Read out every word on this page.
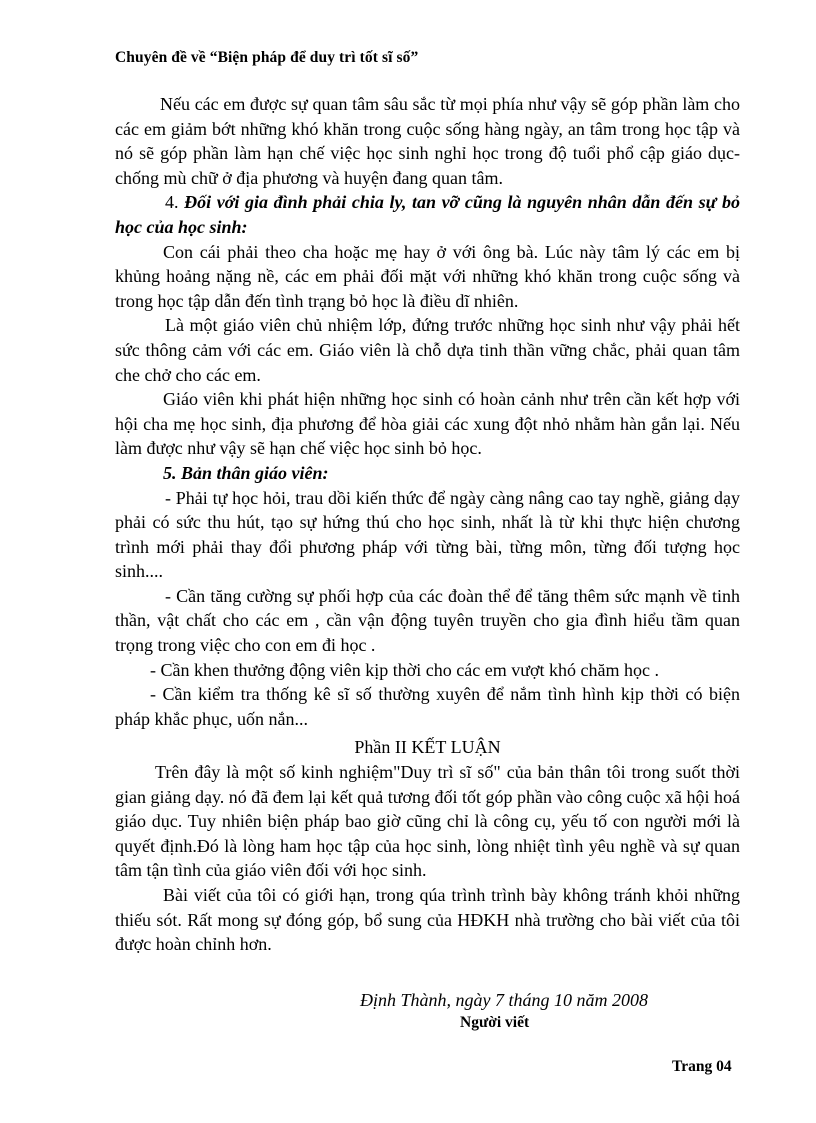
Chuyên đề về “Biện pháp để duy trì tốt sĩ số”

Nếu các em được sự quan tâm sâu sắc từ mọi phía như vậy sẽ góp phần làm cho các em giảm bớt những khó khăn trong cuộc sống hàng ngày, an tâm trong học tập và nó sẽ góp phần làm hạn chế việc học sinh nghỉ học trong độ tuổi phổ cập giáo dục-chống mù chữ ở địa phương và huyện đang quan tâm.

4. Đối với gia đình phải chia ly, tan vỡ cũng là nguyên nhân dẫn đến sự bỏ học của học sinh:

Con cái phải theo cha hoặc mẹ hay ở với ông bà. Lúc này tâm lý các em bị khủng hoảng nặng nề, các em phải đối mặt với những khó khăn trong cuộc sống và trong học tập dẫn đến tình trạng bỏ học là điều dĩ nhiên.

Là một giáo viên chủ nhiệm lớp, đứng trước những học sinh như vậy phải hết sức thông cảm với các em. Giáo viên là chỗ dựa tinh thần vững chắc, phải quan tâm che chở cho các em.

Giáo viên khi phát hiện những học sinh có hoàn cảnh như trên cần kết hợp với hội cha mẹ học sinh, địa phương để hòa giải các xung đột nhỏ nhằm hàn gắn lại. Nếu làm được như vậy sẽ hạn chế việc học sinh bỏ học.

5. Bản thân giáo viên:

- Phải tự học hỏi, trau dồi kiến thức để ngày càng nâng cao tay nghề, giảng dạy phải có sức thu hút, tạo sự hứng thú cho học sinh, nhất là từ khi thực hiện chương trình mới phải thay đổi phương pháp với từng bài, từng môn, từng đối tượng học sinh....

- Cần tăng cường sự phối hợp của các đoàn thể để tăng thêm sức mạnh về tinh thần, vật chất cho các em , cần vận động tuyên truyền cho gia đình hiểu tầm quan trọng trong việc cho con em đi học .

- Cần khen thưởng động viên kịp thời cho các em vượt khó chăm học .

- Cần kiểm tra thống kê sĩ số thường xuyên để nắm tình hình kịp thời có biện pháp khắc phục, uốn nắn...

Phần II KẾT LUẬN

Trên đây là một số kinh nghiệm"Duy trì sĩ số" của bản thân tôi trong suốt thời gian giảng dạy. nó đã đem lại kết quả tương đối tốt góp phần vào công cuộc xã hội hoá giáo dục. Tuy nhiên biện pháp bao giờ cũng chỉ là công cụ, yếu tố con người mới là quyết định.Đó là lòng ham học tập của học sinh, lòng nhiệt tình yêu nghề và sự quan tâm tận tình của giáo viên đối với học sinh.

Bài viết của tôi có giới hạn, trong qúa trình trình bày không tránh khỏi những thiếu sót. Rất mong sự đóng góp, bổ sung của HĐKH nhà trường cho bài viết của tôi được hoàn chỉnh hơn.

Định Thành, ngày 7 tháng 10 năm 2008
Người viết
Trang 04
